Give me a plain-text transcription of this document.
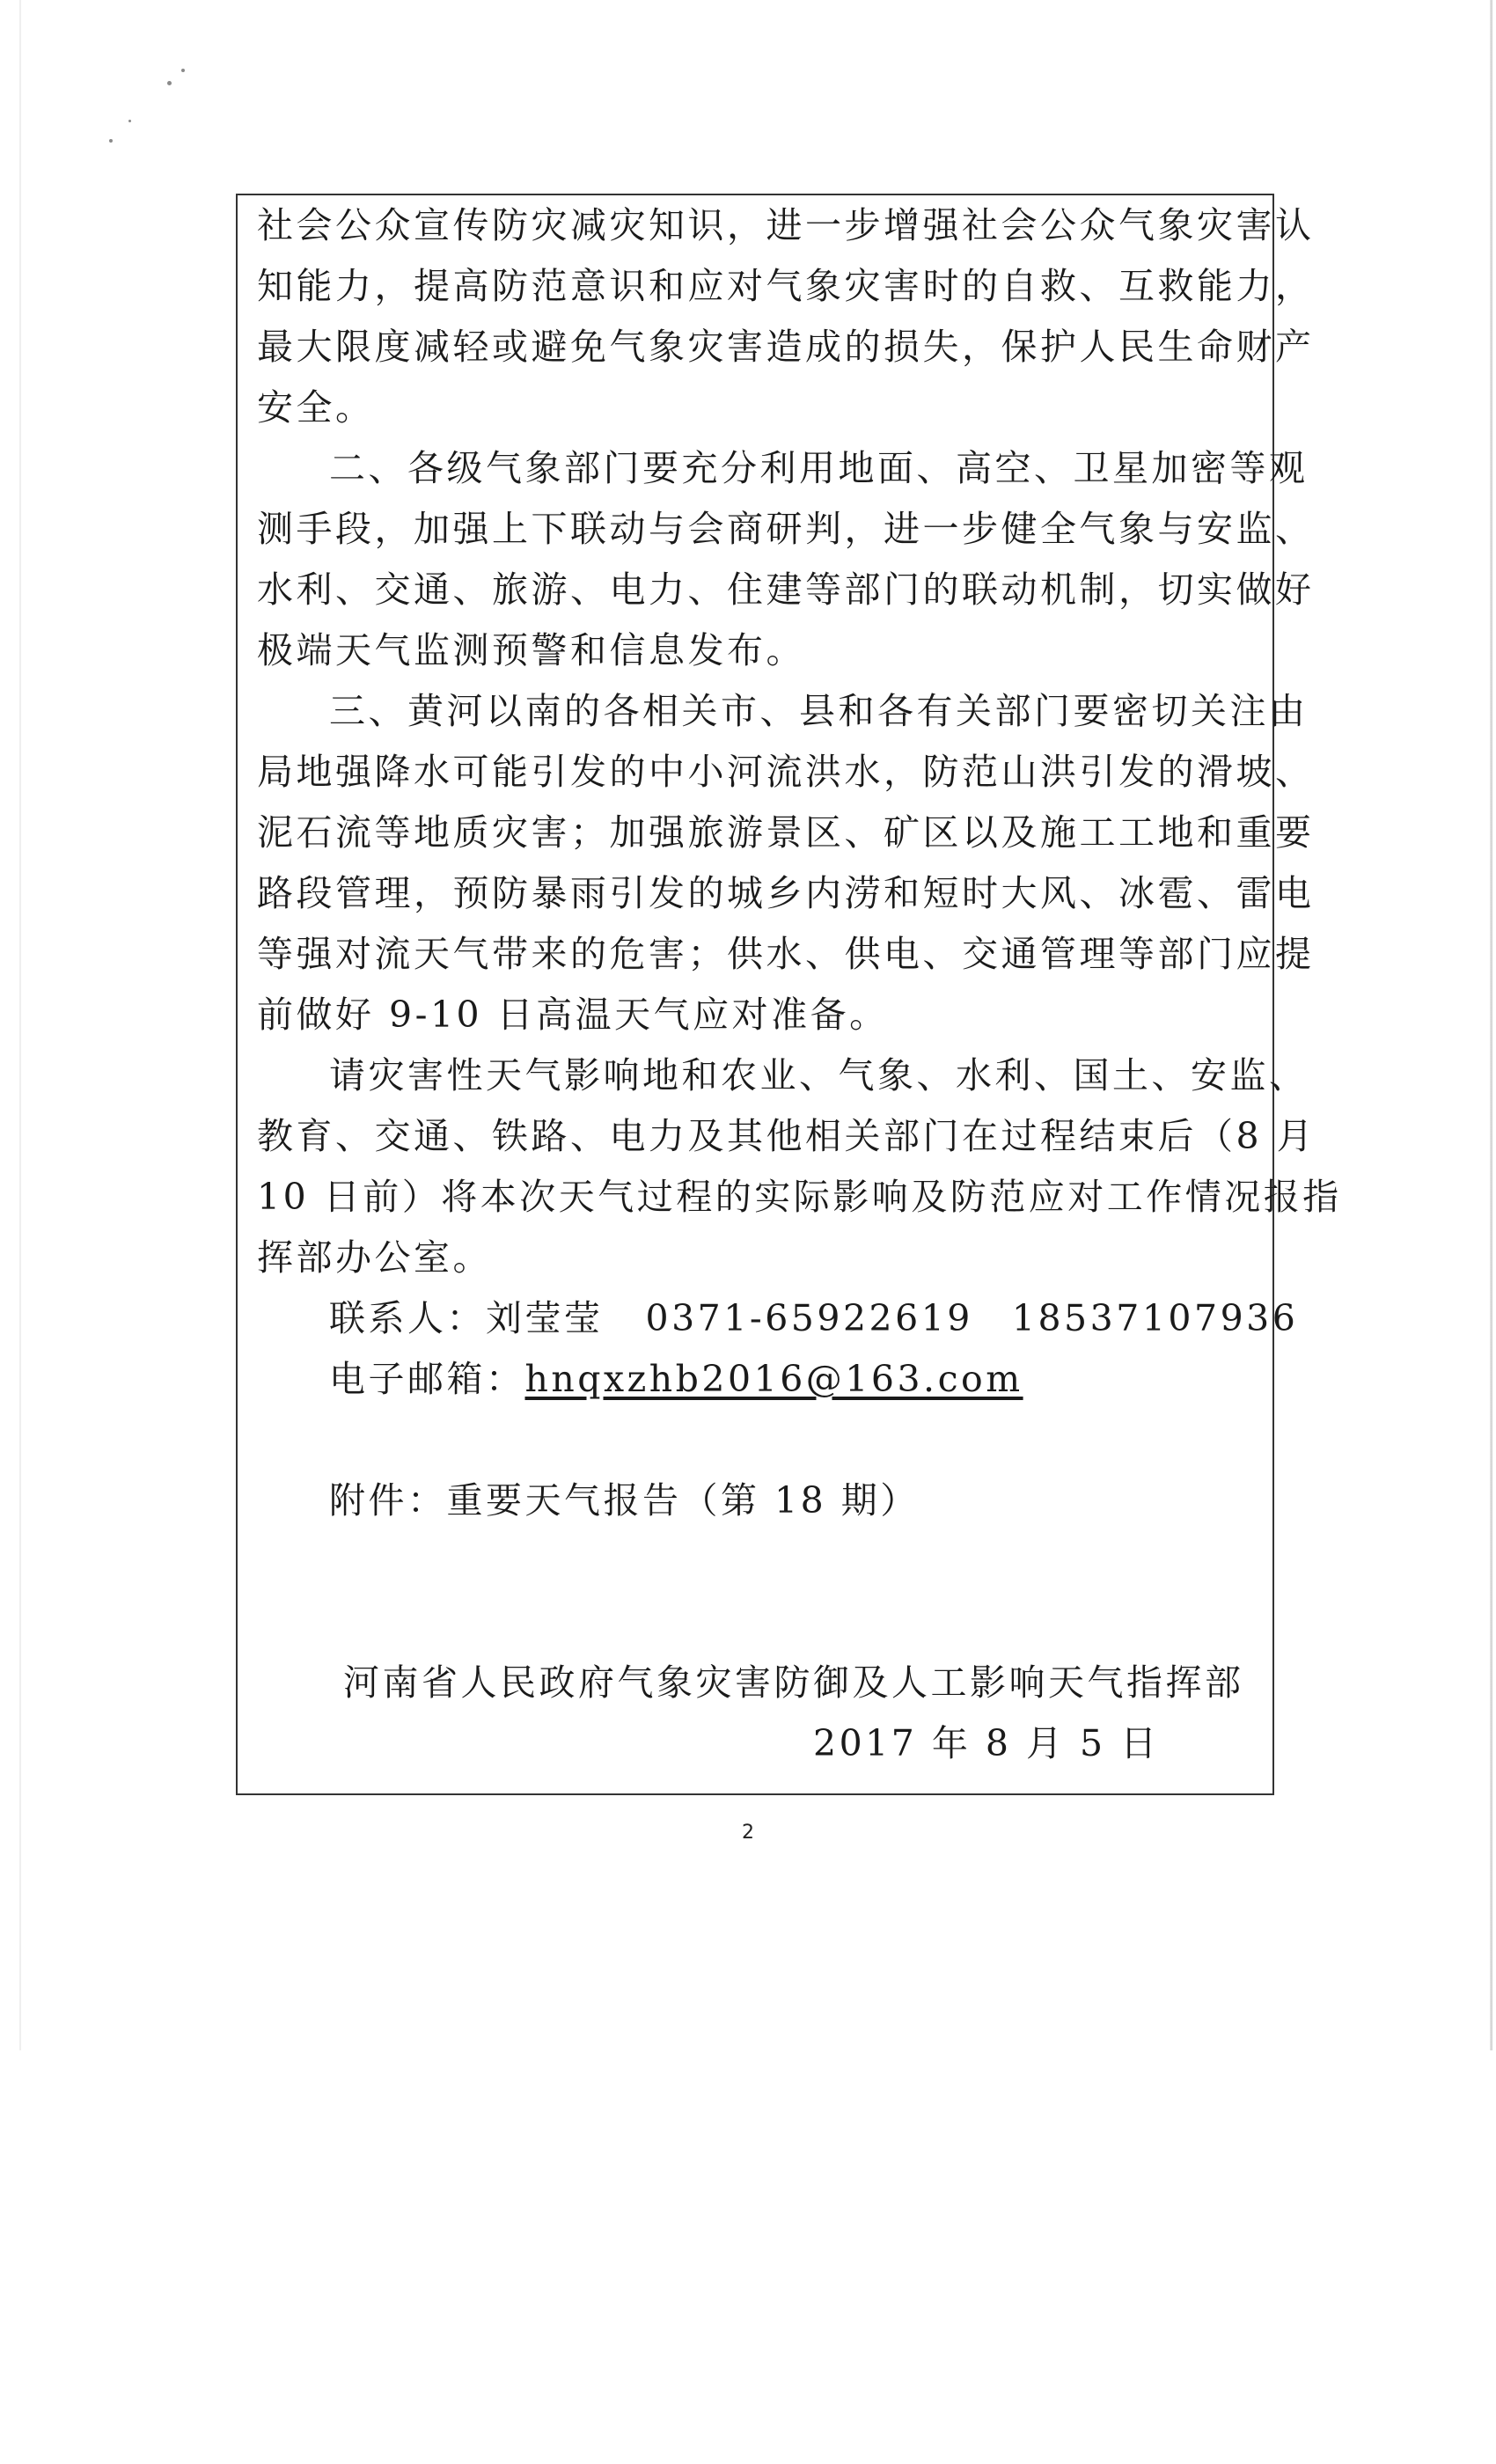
社会公众宣传防灾减灾知识，进一步增强社会公众气象灾害认
知能力，提高防范意识和应对气象灾害时的自救、互救能力，
最大限度减轻或避免气象灾害造成的损失，保护人民生命财产
安全。
二、各级气象部门要充分利用地面、高空、卫星加密等观
测手段，加强上下联动与会商研判，进一步健全气象与安监、
水利、交通、旅游、电力、住建等部门的联动机制，切实做好
极端天气监测预警和信息发布。
三、黄河以南的各相关市、县和各有关部门要密切关注由
局地强降水可能引发的中小河流洪水，防范山洪引发的滑坡、
泥石流等地质灾害；加强旅游景区、矿区以及施工工地和重要
路段管理，预防暴雨引发的城乡内涝和短时大风、冰雹、雷电
等强对流天气带来的危害；供水、供电、交通管理等部门应提
前做好 9-10 日高温天气应对准备。
请灾害性天气影响地和农业、气象、水利、国土、安监、
教育、交通、铁路、电力及其他相关部门在过程结束后（8 月
10 日前）将本次天气过程的实际影响及防范应对工作情况报指
挥部办公室。
联系人：刘莹莹 0371-65922619 18537107936
电子邮箱：hnqxzhb2016@163.com
附件：重要天气报告（第 18 期）
河南省人民政府气象灾害防御及人工影响天气指挥部
2017 年 8 月 5 日
2
